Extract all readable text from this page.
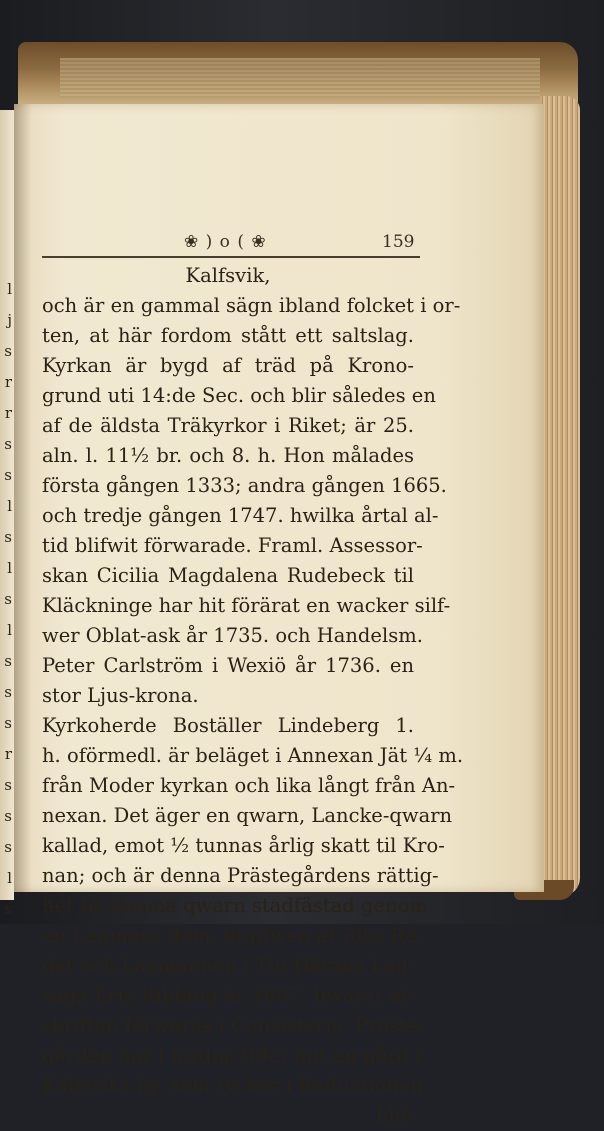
l
j
s
r
r
s
s
l
s
l
s
l
s
s
s
r
s
s
s
l
s
❀ ) o ( ❀	159
Kalfsvik,
och är en gammal sägn ibland folcket i or-
ten, at här fordom stått ett saltslag.
Kyrkan är bygd af träd på Krono-
grund uti 14:de Sec. och blir således en
af de äldsta Träkyrkor i Riket; är 25.
aln. l. 11½ br. och 8. h. Hon målades
första gången 1333; andra gången 1665.
och tredje gången 1747. hwilka årtal al-
tid blifwit förwarade. Framl. Assessor-
skan Cicilia Magdalena Rudebeck til
Kläckninge har hit förärat en wacker silf-
wer Oblat-ask år 1735. och Handelsm.
Peter Carlström i Wexiö år 1736. en
stor Ljus-krona.
Kyrkoherde Boställer Lindeberg 1.
h. oförmedl. är beläget i Annexan Jät ¼ m.
från Moder kyrkan och lika långt från An-
nexan. Det äger en qwarn, Lancke-qwarn
kallad, emot ½ tunnas årlig skatt til Kro-
nan; och är denna Prästegårdens rättig-
het til samma qwarn stadfästad genom
en Lagmans dom, utgifwen af Riks Rå-
det och Laamannen i Tio Härads Lag-
saga Eric Ribbing år 1607. hwarat af-
skriften förwaras i Consistorio. Präste-
gården har i fordna tider ägt en gård i
Kalfsviks by, som tyckes i Reductionen
blif-
